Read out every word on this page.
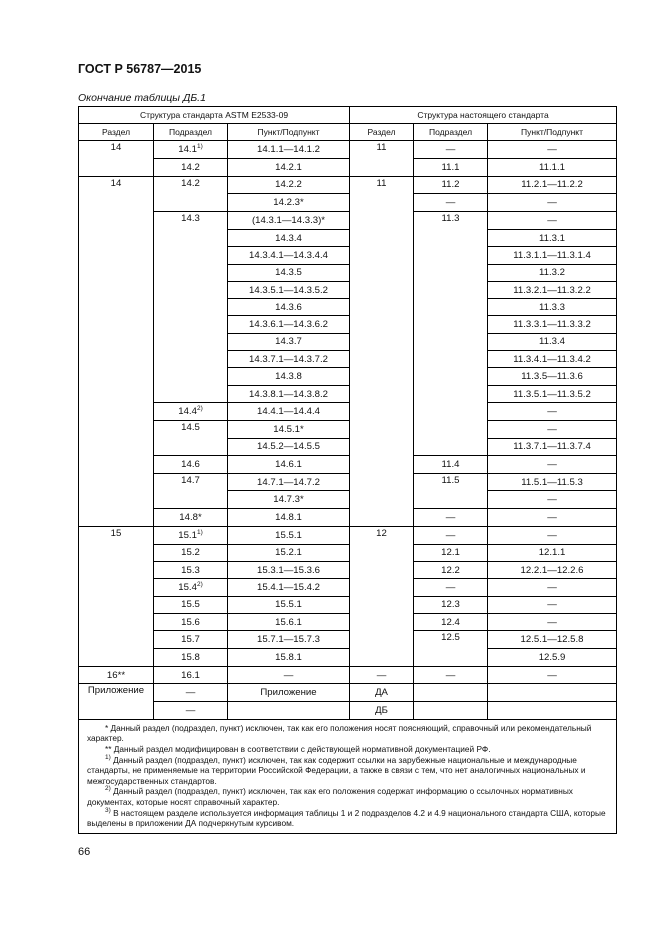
ГОСТ Р 56787—2015
Окончание таблицы ДБ.1
Структура стандарта ASTM E2533-09			Структура настоящего стандарта		
Раздел	Подраздел	Пункт/Подпункт	Раздел	Подраздел	Пункт/Подпункт
14	14.1$^{1)}$	14.1.1—14.1.2	11	—	—
	14.2	14.2.1		11.1	11.1.1
14	14.2	14.2.2	11	11.2	11.2.1—11.2.2
		14.2.3*		—	—
	14.3	(14.3.1—14.3.3)*		11.3	—
		14.3.4			11.3.1
		14.3.4.1—14.3.4.4			11.3.1.1—11.3.1.4
		14.3.5			11.3.2
		14.3.5.1—14.3.5.2			11.3.2.1—11.3.2.2
		14.3.6			11.3.3
		14.3.6.1—14.3.6.2			11.3.3.1—11.3.3.2
		14.3.7			11.3.4
		14.3.7.1—14.3.7.2			11.3.4.1—11.3.4.2
		14.3.8			11.3.5—11.3.6
		14.3.8.1—14.3.8.2			11.3.5.1—11.3.5.2
	14.4$^{2)}$	14.4.1—14.4.4			—
	14.5	14.5.1*			—
		14.5.2—14.5.5			11.3.7.1—11.3.7.4
	14.6	14.6.1		11.4	—
	14.7	14.7.1—14.7.2		11.5	11.5.1—11.5.3
		14.7.3*			—
	14.8*	14.8.1		—	—
15	15.1$^{1)}$	15.5.1	12	—	—
	15.2	15.2.1		12.1	12.1.1
	15.3	15.3.1—15.3.6		12.2	12.2.1—12.2.6
	15.4$^{2)}$	15.4.1—15.4.2		—	—
	15.5	15.5.1		12.3	—
	15.6	15.6.1		12.4	—
	15.7	15.7.1—15.7.3		12.5	12.5.1—12.5.8
	15.8	15.8.1			12.5.9
16**	16.1	—	—	—	—
Приложение	—	Приложение	ДА		
	—		ДБ		

* Данный раздел (подраздел, пункт) исключен, так как его положения носят поясняющий, справочный или рекомендательный характер.

** Данный раздел модифицирован в соответствии с действующей нормативной документацией РФ.

$^{1)}$ Данный раздел (подраздел, пункт) исключен, так как содержит ссылки на зарубежные национальные и международные стандарты, не применяемые на территории Российской Федерации, а также в связи с тем, что нет аналогичных национальных и межгосударственных стандартов.

$^{2)}$ Данный раздел (подраздел, пункт) исключен, так как его положения содержат информацию о ссылочных нормативных документах, которые носят справочный характер.

$^{3)}$ В настоящем разделе используется информация таблицы 1 и 2 подразделов 4.2 и 4.9 национального стандарта США, которые выделены в приложении ДА подчеркнутым курсивом.					

66
